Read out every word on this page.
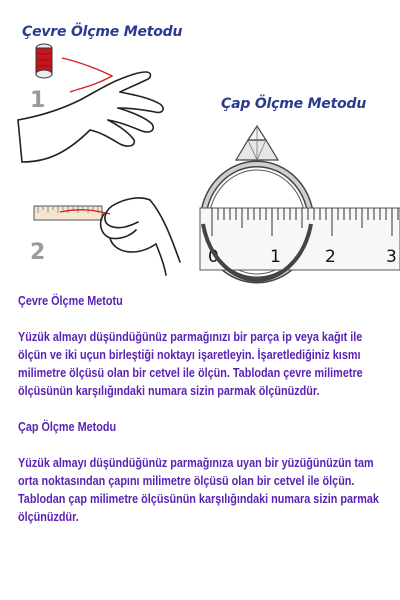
0	1	2	3
Çevre Ölçme Metodu
Çap Ölçme Metodu
1
2

Çevre Ölçme Metotu

Yüzük almayı düşündüğünüz parmağınızı bir parça ip veya kağıt ile ölçün ve iki uçun birleştiği noktayı işaretleyin. İşaretlediğiniz kısmı milimetre ölçüsü olan bir cetvel ile ölçün. Tablodan çevre milimetre ölçüsünün karşılığındaki numara sizin parmak ölçünüzdür.

Çap Ölçme Metodu

Yüzük almayı düşündüğünüz parmağınıza uyan bir yüzüğünüzün tam orta noktasından çapını milimetre ölçüsü olan bir cetvel ile ölçün. Tablodan çap milimetre ölçüsünün karşılığındaki numara sizin parmak ölçünüzdür.
